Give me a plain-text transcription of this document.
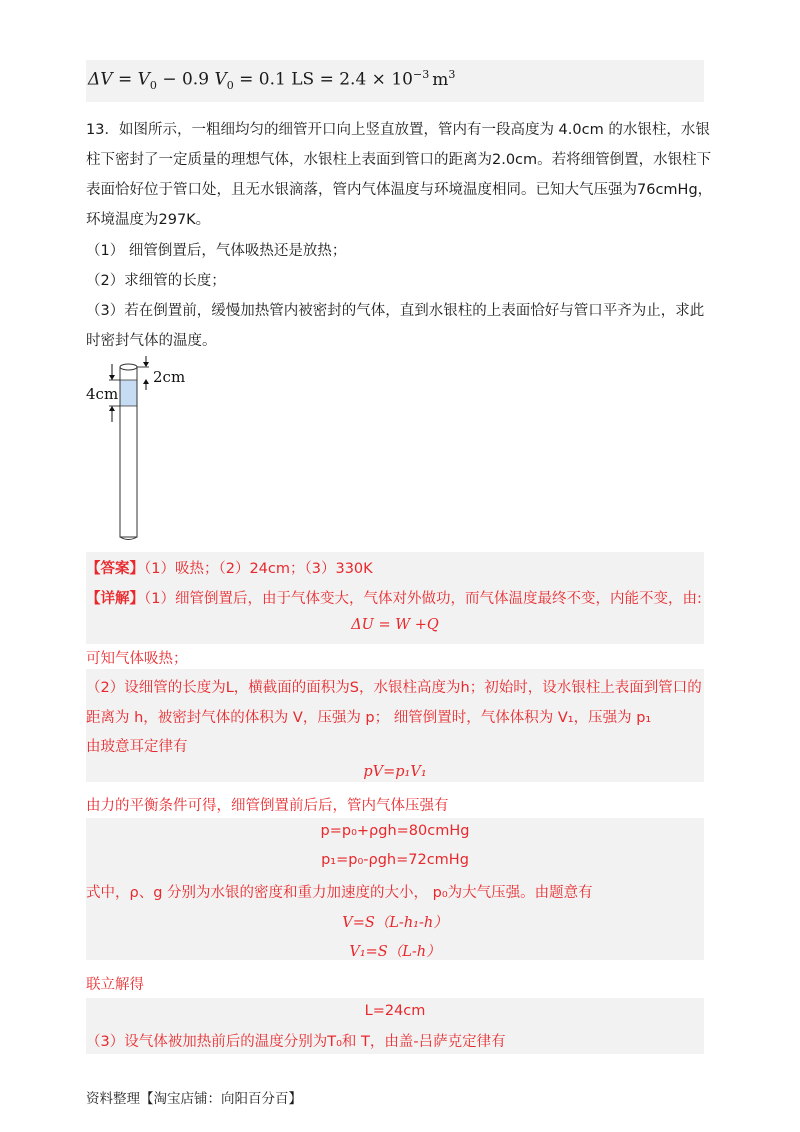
$\Delta V = V_0 - 0.9$ $V_0 = 0.1$ LS = $2.4 \times 10^{-3}$ $m^3$
13．如图所示，一粗细均匀的细管开口向上竖直放置，管内有一段高度为 4.0cm 的水银柱，水银
柱下密封了一定质量的理想气体，水银柱上表面到管口的距离为2.0cm。若将细管倒置，水银柱下
表面恰好位于管口处，且无水银滴落，管内气体温度与环境温度相同。已知大气压强为76cmHg，
环境温度为297K。
（1） 细管倒置后，气体吸热还是放热；
（2）求细管的长度；
（3）若在倒置前，缓慢加热管内被密封的气体，直到水银柱的上表面恰好与管口平齐为止，求此
时密封气体的温度。
2cm
4cm
【答案】（1）吸热；（2）24cm；（3）330K
【详解】（1）细管倒置后，由于气体变大，气体对外做功，而气体温度最终不变，内能不变，由:
ΔU = W +Q
可知气体吸热；
（2）设细管的长度为L，横截面的面积为S，水银柱高度为h；初始时，设水银柱上表面到管口的
距离为 h，被密封气体的体积为 V，压强为 p； 细管倒置时，气体体积为 V₁，压强为 p₁
由玻意耳定律有
pV=p₁V₁
由力的平衡条件可得，细管倒置前后后，管内气体压强有
p=p₀+ρgh=80cmHg
p₁=p₀-ρgh=72cmHg
式中，ρ、g 分别为水银的密度和重力加速度的大小， p₀为大气压强。由题意有
V=S（L-h₁-h）
V₁=S（L-h）
联立解得
L=24cm
（3）设气体被加热前后的温度分别为T₀和 T，由盖-吕萨克定律有
资料整理【淘宝店铺：向阳百分百】
